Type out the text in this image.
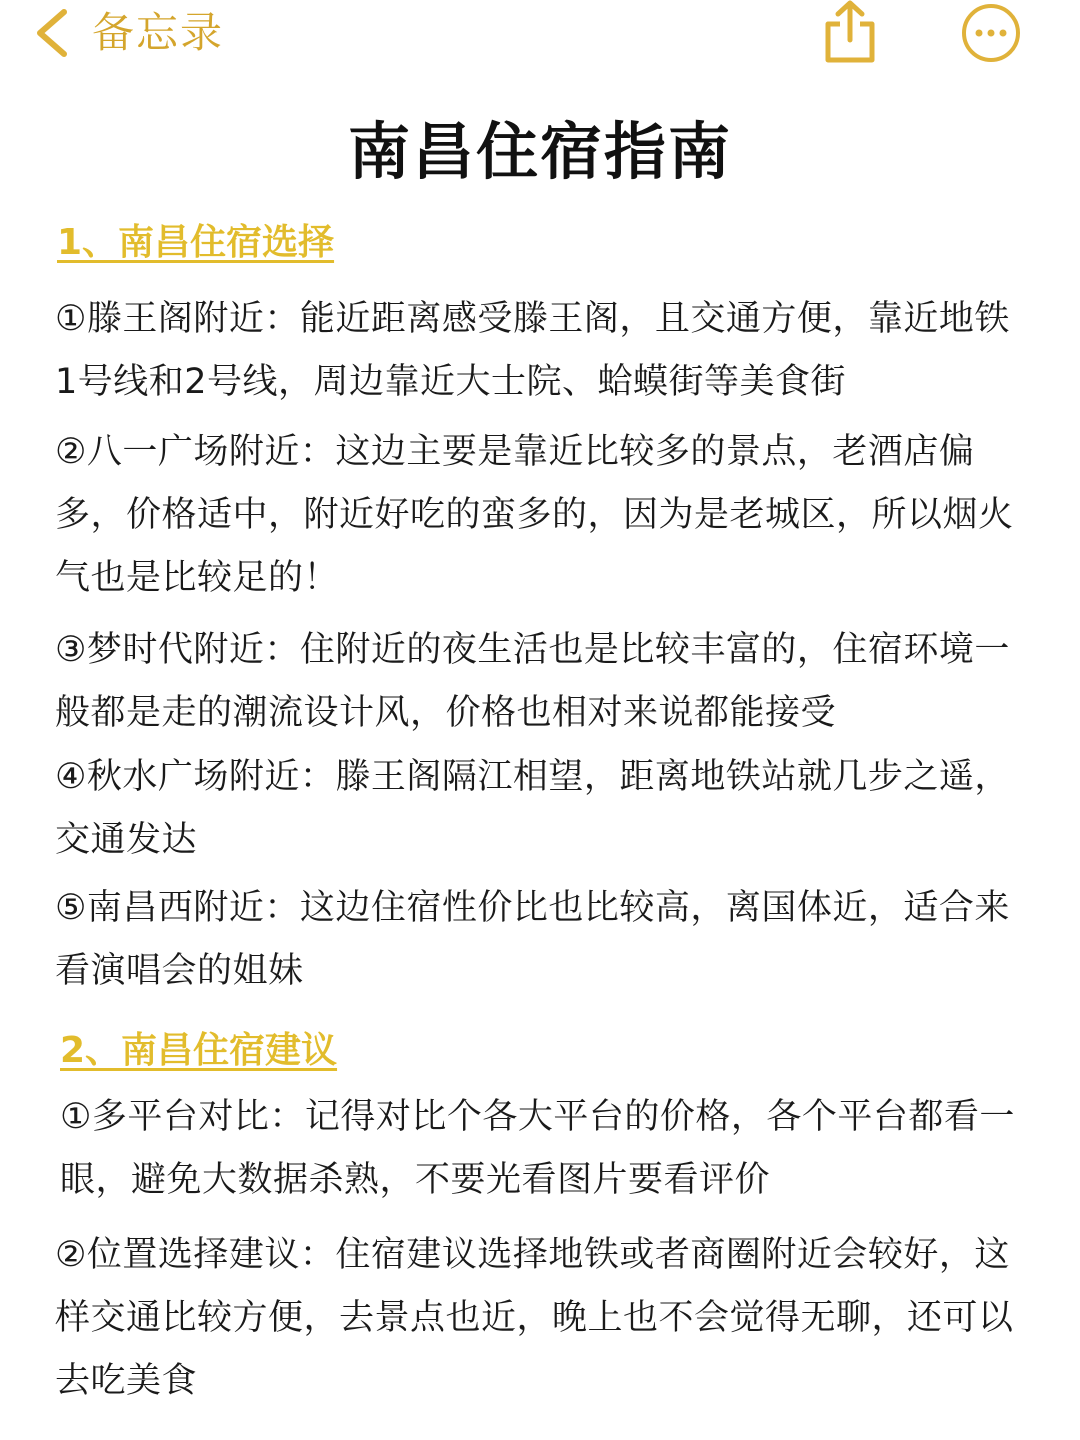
备忘录
南昌住宿指南
1、南昌住宿选择
①滕王阁附近：能近距离感受滕王阁，且交通方便，靠近地铁1号线和2号线，周边靠近大士院、蛤蟆街等美食街
②八一广场附近：这边主要是靠近比较多的景点，老酒店偏多，价格适中，附近好吃的蛮多的，因为是老城区，所以烟火气也是比较足的！
③梦时代附近：住附近的夜生活也是比较丰富的，住宿环境一般都是走的潮流设计风，价格也相对来说都能接受
④秋水广场附近：滕王阁隔江相望，距离地铁站就几步之遥，交通发达
⑤南昌西附近：这边住宿性价比也比较高，离国体近，适合来看演唱会的姐妹
2、南昌住宿建议
①多平台对比：记得对比个各大平台的价格，各个平台都看一眼，避免大数据杀熟，不要光看图片要看评价
②位置选择建议：住宿建议选择地铁或者商圈附近会较好，这样交通比较方便，去景点也近，晚上也不会觉得无聊，还可以去吃美食
